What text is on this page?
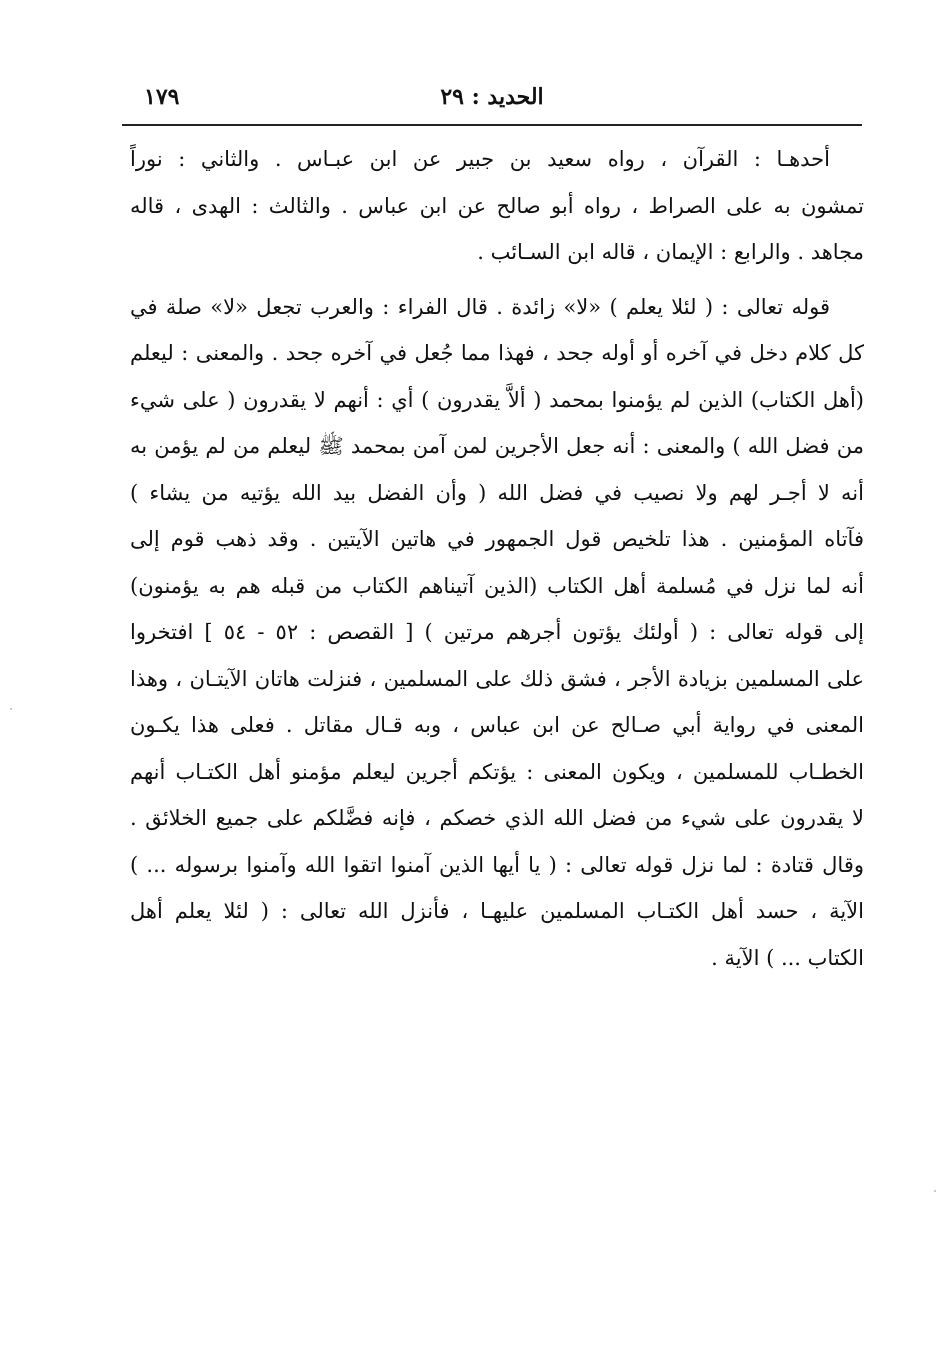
١٧٩	الحديد : ٢٩
أحدهـا : القرآن ، رواه سعيد بن جبير عن ابن عبـاس . والثاني : نوراً
تمشون به على الصراط ، رواه أبو صالح عن ابن عباس . والثالث : الهدى ، قاله
مجاهد . والرابع : الإيمان ، قاله ابن السـائب .
قوله تعالى : ( لئلا يعلم ) «لا» زائدة . قال الفراء : والعرب تجعل «لا» صلة في
كل كلام دخل في آخره أو أوله جحد ، فهذا مما جُعل في آخره جحد . والمعنى : ليعلم
(أهل الكتاب) الذين لم يؤمنوا بمحمد ( ألاَّ يقدرون ) أي : أنهم لا يقدرون ( على شيء
من فضل الله ) والمعنى : أنه جعل الأجرين لمن آمن بمحمد ﷺ ليعلم من لم يؤمن به
أنه لا أجـر لهم ولا نصيب في فضل الله ( وأن الفضل بيد الله يؤتيه من يشاء )
فآتاه المؤمنين . هذا تلخيص قول الجمهور في هاتين الآيتين . وقد ذهب قوم إلى
أنه لما نزل في مُسلمة أهل الكتاب (الذين آتيناهم الكتاب من قبله هم به يؤمنون)
إلى قوله تعالى : ( أولئك يؤتون أجرهم مرتين ) [ القصص : ٥٢ - ٥٤ ] افتخروا
على المسلمين بزيادة الأجر ، فشق ذلك على المسلمين ، فنزلت هاتان الآيتـان ، وهذا
المعنى في رواية أبي صـالح عن ابن عباس ، وبه قـال مقاتل . فعلى هذا يكـون
الخطـاب للمسلمين ، ويكون المعنى : يؤتكم أجرين ليعلم مؤمنو أهل الكتـاب أنهم
لا يقدرون على شيء من فضل الله الذي خصكم ، فإنه فضَّلكم على جميع الخلائق .
وقال قتادة : لما نزل قوله تعالى : ( يا أيها الذين آمنوا اتقوا الله وآمنوا برسوله ... )
الآية ، حسد أهل الكتـاب المسلمين عليهـا ، فأنزل الله تعالى : ( لئلا يعلم أهل
الكتاب ... ) الآية .
